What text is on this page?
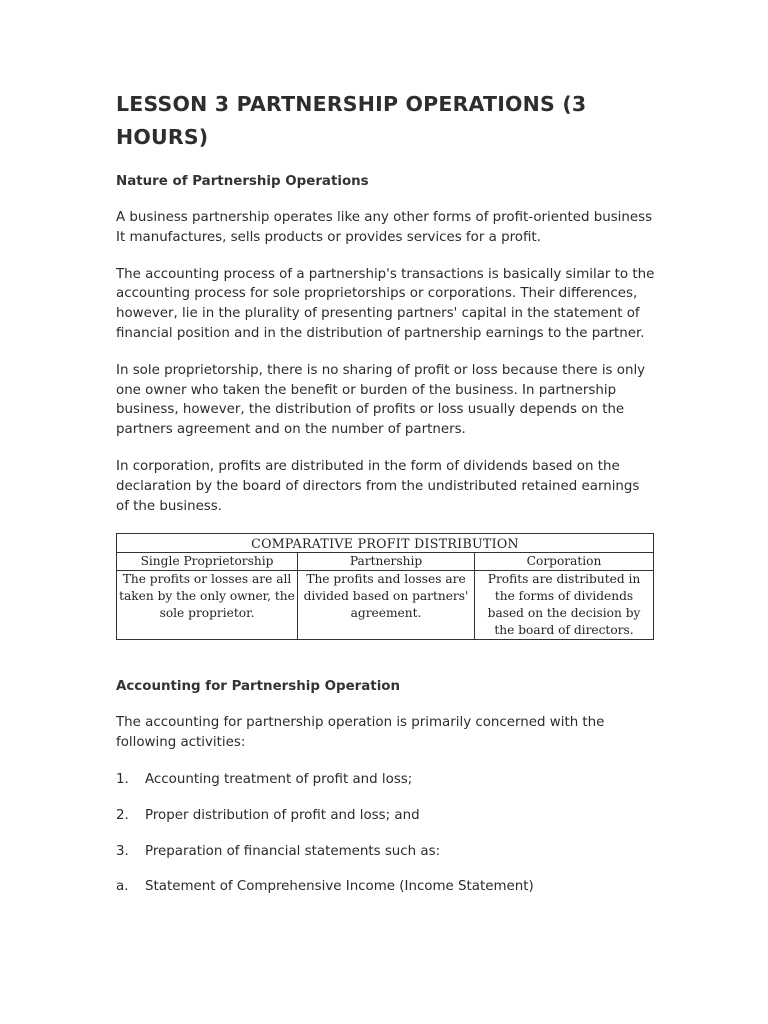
LESSON 3 PARTNERSHIP OPERATIONS (3 HOURS)
Nature of Partnership Operations

A business partnership operates like any other forms of profit-oriented business It manufactures, sells products or provides services for a profit.

The accounting process of a partnership's transactions is basically similar to the accounting process for sole proprietorships or corporations. Their differences, however, lie in the plurality of presenting partners' capital in the statement of financial position and in the distribution of partnership earnings to the partner.

In sole proprietorship, there is no sharing of profit or loss because there is only one owner who taken the benefit or burden of the business. In partnership business, however, the distribution of profits or loss usually depends on the partners agreement and on the number of partners.

In corporation, profits are distributed in the form of dividends based on the declaration by the board of directors from the undistributed retained earnings of the business.

COMPARATIVE PROFIT DISTRIBUTION		
Single Proprietorship	Partnership	Corporation
The profits or losses are all taken by the only owner, the sole proprietor.	The profits and losses are divided based on partners' agreement.	Profits are distributed in the forms of dividends based on the decision by the board of directors.
Accounting for Partnership Operation

The accounting for partnership operation is primarily concerned with the following activities:

1.	Accounting treatment of profit and loss;
2.	Proper distribution of profit and loss; and
3.	Preparation of financial statements such as:
a.	Statement of Comprehensive Income (Income Statement)
